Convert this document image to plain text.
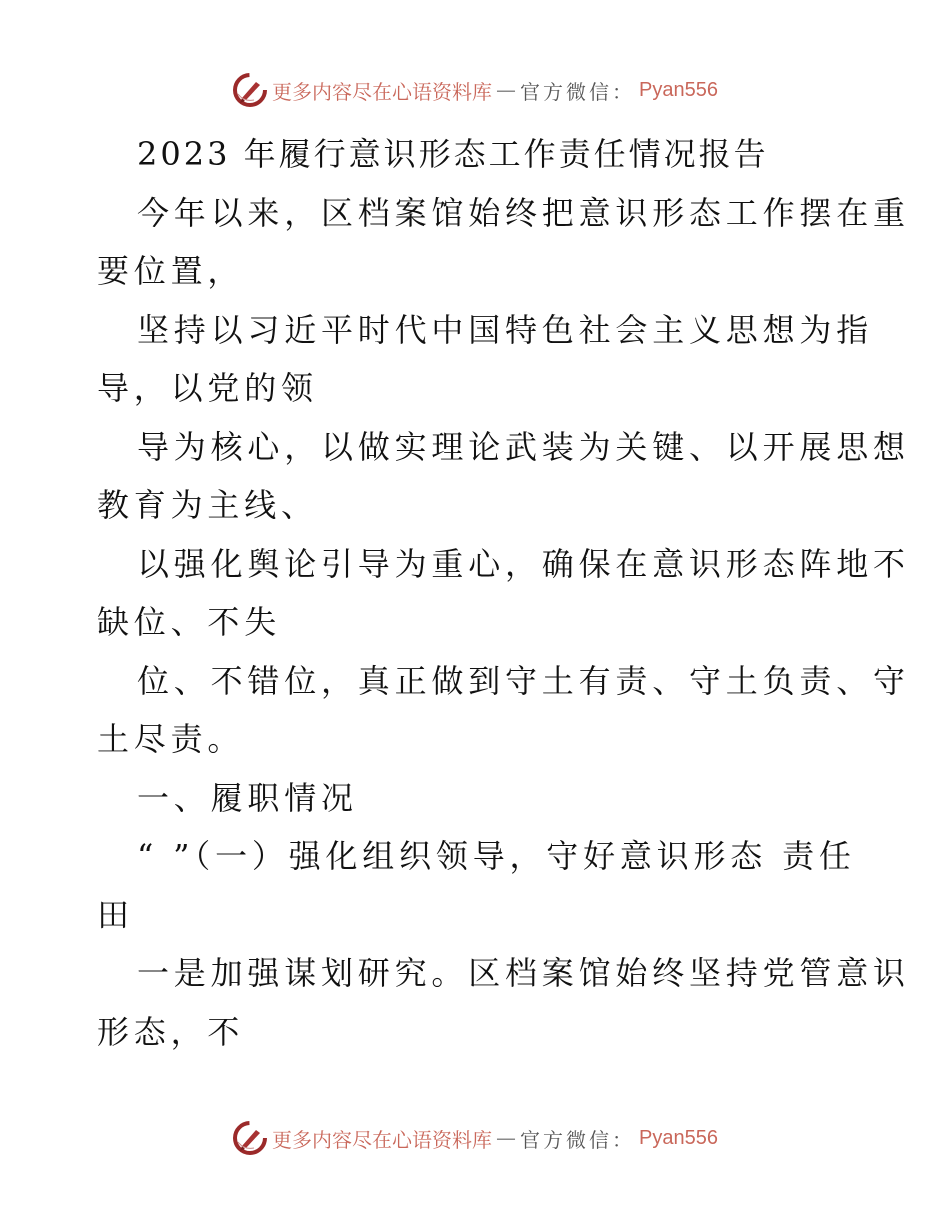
更多内容尽在心语资料库 — 官方微信： Pyan556
2023 年履行意识形态工作责任情况报告
今年以来，区档案馆始终把意识形态工作摆在重
要位置，
坚持以习近平时代中国特色社会主义思想为指
导，以党的领
导为核心，以做实理论武装为关键、以开展思想
教育为主线、
以强化舆论引导为重心，确保在意识形态阵地不
缺位、不失
位、不错位，真正做到守土有责、守土负责、守
土尽责。
一、履职情况
“ ”（一）强化组织领导，守好意识形态 责任
田
一是加强谋划研究。区档案馆始终坚持党管意识
形态，不
更多内容尽在心语资料库 — 官方微信： Pyan556
